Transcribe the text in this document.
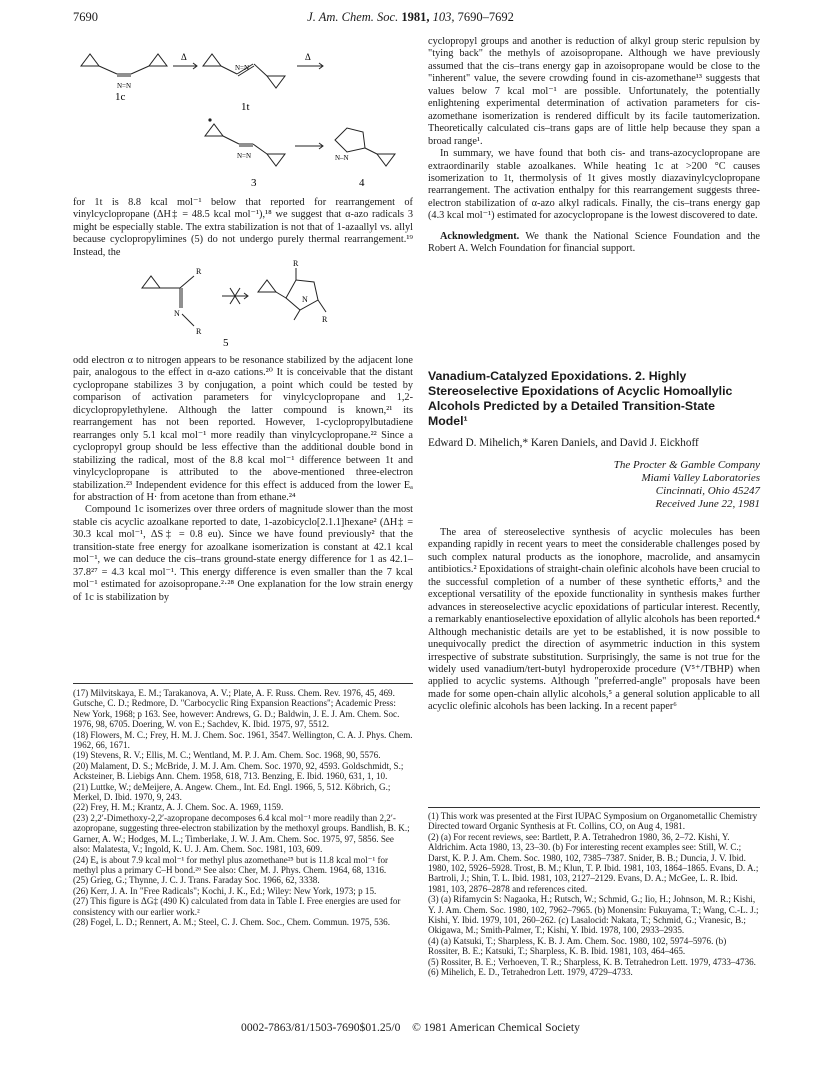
7690	J. Am. Chem. Soc. 1981, 103, 7690–7692
1c
1t
3	4
Δ	Δ
N=N
N=N
N=N	N–N

for 1t is 8.8 kcal mol⁻¹ below that reported for rearrangement of vinylcyclopropane (ΔH‡ = 48.5 kcal mol⁻¹),¹⁸ we suggest that α-azo radicals 3 might be especially stable. The extra stabilization is not that of 1-azaallyl vs. allyl because cyclopropylimines (5) do not undergo purely thermal rearrangement.¹⁹ Instead, the

R
N
R
R
N
R
5

odd electron α to nitrogen appears to be resonance stabilized by the adjacent lone pair, analogous to the effect in α-azo cations.²⁰ It is conceivable that the distant cyclopropane stabilizes 3 by conjugation, a point which could be tested by comparison of activation parameters for vinylcyclopropane and 1,2-dicyclopropylethylene. Although the latter compound is known,²¹ its rearrangement has not been reported. However, 1-cyclopropylbutadiene rearranges only 5.1 kcal mol⁻¹ more readily than vinylcyclopropane.²² Since a cyclopropyl group should be less effective than the additional double bond in stabilizing the radical, most of the 8.8 kcal mol⁻¹ difference between 1t and vinylcyclopropane is attributed to the above-mentioned three-electron stabilization.²³ Independent evidence for this effect is adduced from the lower Eₐ for abstraction of H· from acetone than from ethane.²⁴

Compound 1c isomerizes over three orders of magnitude slower than the most stable cis acyclic azoalkane reported to date, 1-azobicyclo[2.1.1]hexane² (ΔH‡ = 30.3 kcal mol⁻¹, ΔS‡ = 0.8 eu). Since we have found previously² that the transition-state free energy for azoalkane isomerization is constant at 42.1 kcal mol⁻¹, we can deduce the cis–trans ground-state energy difference for 1 as 42.1–37.8²⁷ = 4.3 kcal mol⁻¹. This energy difference is even smaller than the 7 kcal mol⁻¹ estimated for azoisopropane.²·²⁸ One explanation for the low strain energy of 1c is stabilization by

(17) Milvitskaya, E. M.; Tarakanova, A. V.; Plate, A. F. Russ. Chem. Rev. 1976, 45, 469. Gutsche, C. D.; Redmore, D. "Carbocyclic Ring Expansion Reactions"; Academic Press: New York, 1968; p 163. See, however: Andrews, G. D.; Baldwin, J. E. J. Am. Chem. Soc. 1976, 98, 6705. Doering, W. von E.; Sachdev, K. Ibid. 1975, 97, 5512.

(18) Flowers, M. C.; Frey, H. M. J. Chem. Soc. 1961, 3547. Wellington, C. A. J. Phys. Chem. 1962, 66, 1671.

(19) Stevens, R. V.; Ellis, M. C.; Wentland, M. P. J. Am. Chem. Soc. 1968, 90, 5576.

(20) Malament, D. S.; McBride, J. M. J. Am. Chem. Soc. 1970, 92, 4593. Goldschmidt, S.; Acksteiner, B. Liebigs Ann. Chem. 1958, 618, 713. Benzing, E. Ibid. 1960, 631, 1, 10.

(21) Luttke, W.; deMeijere, A. Angew. Chem., Int. Ed. Engl. 1966, 5, 512. Köbrich, G.; Merkel, D. Ibid. 1970, 9, 243.

(22) Frey, H. M.; Krantz, A. J. Chem. Soc. A. 1969, 1159.

(23) 2,2′-Dimethoxy-2,2′-azopropane decomposes 6.4 kcal mol⁻¹ more readily than 2,2′-azopropane, suggesting three-electron stabilization by the methoxyl groups. Bandlish, B. K.; Garner, A. W.; Hodges, M. L.; Timberlake, J. W. J. Am. Chem. Soc. 1975, 97, 5856. See also: Malatesta, V.; Ingold, K. U. J. Am. Chem. Soc. 1981, 103, 609.

(24) Eₐ is about 7.9 kcal mol⁻¹ for methyl plus azomethane²⁵ but is 11.8 kcal mol⁻¹ for methyl plus a primary C–H bond.²⁶ See also: Cher, M. J. Phys. Chem. 1964, 68, 1316.

(25) Grieg, G.; Thynne, J. C. J. Trans. Faraday Soc. 1966, 62, 3338.

(26) Kerr, J. A. In "Free Radicals"; Kochi, J. K., Ed.; Wiley: New York, 1973; p 15.

(27) This figure is ΔG‡ (490 K) calculated from data in Table I. Free energies are used for consistency with our earlier work.²

(28) Fogel, L. D.; Rennert, A. M.; Steel, C. J. Chem. Soc., Chem. Commun. 1975, 536.

cyclopropyl groups and another is reduction of alkyl group steric repulsion by "tying back" the methyls of azoisopropane. Although we have previously assumed that the cis–trans energy gap in azoisopropane would be close to the "inherent" value, the severe crowding found in cis-azomethane¹³ suggests that values below 7 kcal mol⁻¹ are possible. Unfortunately, the potentially enlightening experimental determination of activation parameters for cis-azomethane isomerization is rendered difficult by its facile tautomerization. Theoretically calculated cis–trans gaps are of little help because they span a broad range¹.

In summary, we have found that both cis- and trans-azocyclopropane are extraordinarily stable azoalkanes. While heating 1c at >200 °C causes isomerization to 1t, thermolysis of 1t gives mostly diazavinylcyclopropane rearrangement. The activation enthalpy for this rearrangement suggests three-electron stabilization of α-azo alkyl radicals. Finally, the cis–trans energy gap (4.3 kcal mol⁻¹) estimated for azocyclopropane is the lowest discovered to date.

Acknowledgment. We thank the National Science Foundation and the Robert A. Welch Foundation for financial support.

Vanadium-Catalyzed Epoxidations. 2. Highly Stereoselective Epoxidations of Acyclic Homoallylic Alcohols Predicted by a Detailed Transition-State Model¹
Edward D. Mihelich,* Karen Daniels, and David J. Eickhoff
The Procter & Gamble Company
Miami Valley Laboratories
Cincinnati, Ohio 45247
Received June 22, 1981

The area of stereoselective synthesis of acyclic molecules has been expanding rapidly in recent years to meet the considerable challenges posed by such complex natural products as the ionophore, macrolide, and ansamycin antibiotics.² Epoxidations of straight-chain olefinic alcohols have been crucial to the successful completion of a number of these synthetic efforts,³ and the exceptional versatility of the epoxide functionality in synthesis makes further advances in stereoselective acyclic epoxidations of particular interest. Recently, a remarkably enantioselective epoxidation of allylic alcohols has been reported.⁴ Although mechanistic details are yet to be established, it is now possible to unequivocally predict the direction of asymmetric induction in this system irrespective of substrate substitution. Surprisingly, the same is not true for the widely used vanadium/tert-butyl hydroperoxide procedure (V⁵⁺/TBHP) when applied to acyclic systems. Although "preferred-angle" proposals have been made for some open-chain allylic alcohols,⁵ a general solution applicable to all acyclic olefinic alcohols has been lacking. In a recent paper⁶

(1) This work was presented at the First IUPAC Symposium on Organometallic Chemistry Directed toward Organic Synthesis at Ft. Collins, CO, on Aug 4, 1981.

(2) (a) For recent reviews, see: Bartlett, P. A. Tetrahedron 1980, 36, 2–72. Kishi, Y. Aldrichim. Acta 1980, 13, 23–30. (b) For interesting recent examples see: Still, W. C.; Darst, K. P. J. Am. Chem. Soc. 1980, 102, 7385–7387. Snider, B. B.; Duncia, J. V. Ibid. 1980, 102, 5926–5928. Trost, B. M.; Klun, T. P. Ibid. 1981, 103, 1864–1865. Evans, D. A.; Bartroli, J.; Shin, T. L. Ibid. 1981, 103, 2127–2129. Evans, D. A.; McGee, L. R. Ibid. 1981, 103, 2876–2878 and references cited.

(3) (a) Rifamycin S: Nagaoka, H.; Rutsch, W.; Schmid, G.; Iio, H.; Johnson, M. R.; Kishi, Y. J. Am. Chem. Soc. 1980, 102, 7962–7965. (b) Monensin: Fukuyama, T.; Wang, C.-L. J.; Kishi, Y. Ibid. 1979, 101, 260–262. (c) Lasalocid: Nakata, T.; Schmid, G.; Vranesic, B.; Okigawa, M.; Smith-Palmer, T.; Kishi, Y. Ibid. 1978, 100, 2933–2935.

(4) (a) Katsuki, T.; Sharpless, K. B. J. Am. Chem. Soc. 1980, 102, 5974–5976. (b) Rossiter, B. E.; Katsuki, T.; Sharpless, K. B. Ibid. 1981, 103, 464–465.

(5) Rossiter, B. E.; Verhoeven, T. R.; Sharpless, K. B. Tetrahedron Lett. 1979, 4733–4736.

(6) Mihelich, E. D., Tetrahedron Lett. 1979, 4729–4733.

0002-7863/81/1503-7690$01.25/0 © 1981 American Chemical Society
